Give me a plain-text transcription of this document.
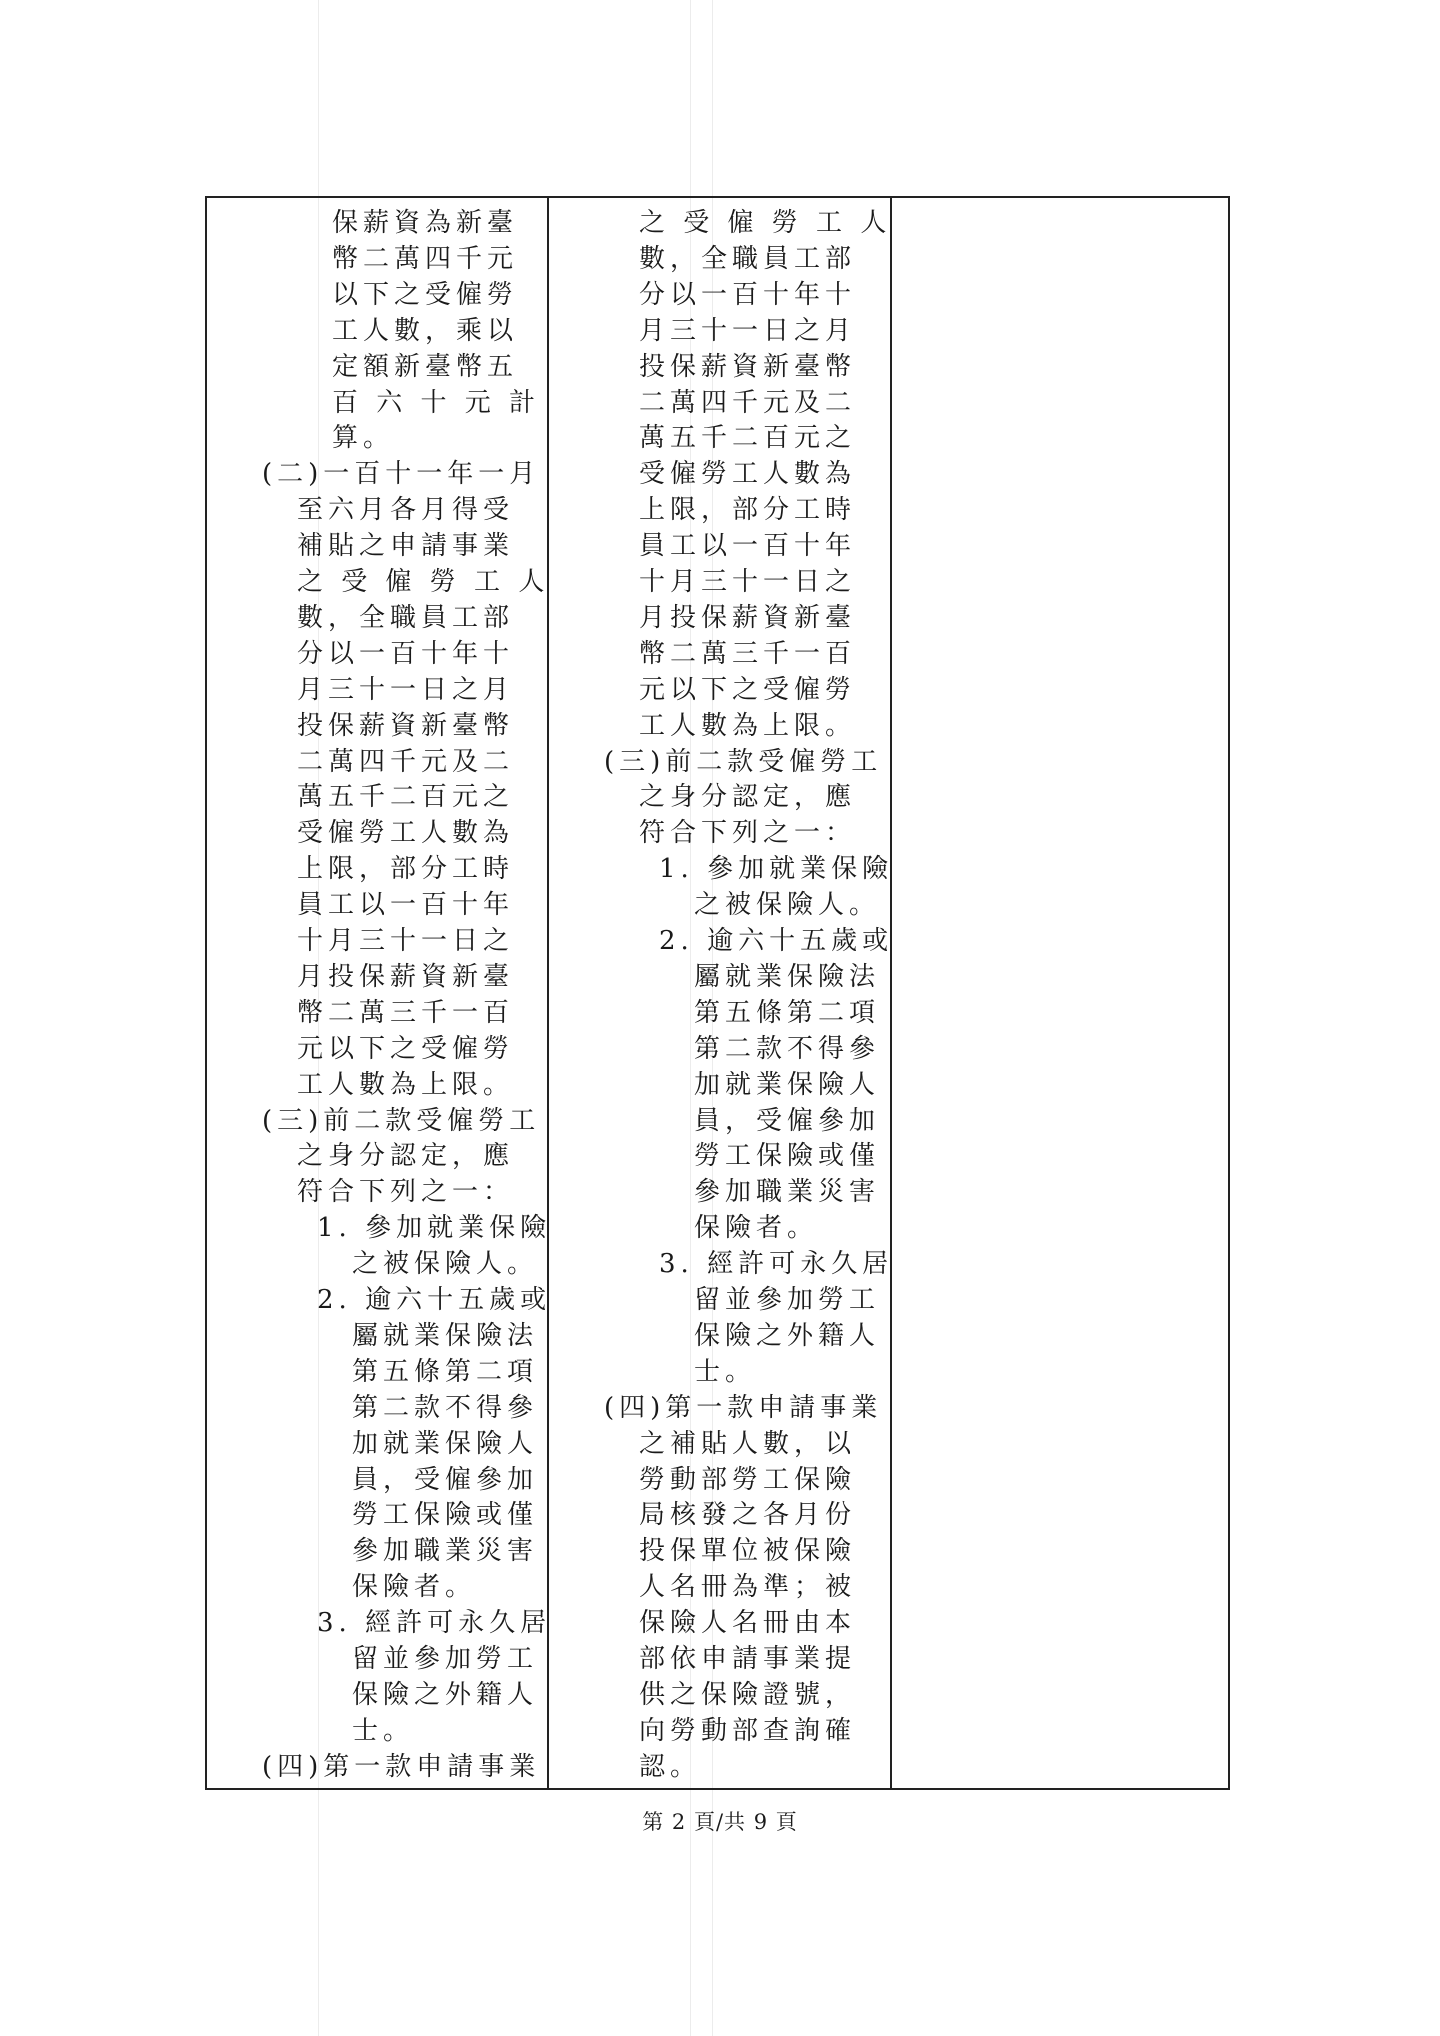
保薪資為新臺
幣二萬四千元
以下之受僱勞
工人數，乘以
定額新臺幣五
百 六 十 元 計
算。
(二)一百十一年一月
至六月各月得受
補貼之申請事業
之 受 僱 勞 工 人
數，全職員工部
分以一百十年十
月三十一日之月
投保薪資新臺幣
二萬四千元及二
萬五千二百元之
受僱勞工人數為
上限，部分工時
員工以一百十年
十月三十一日之
月投保薪資新臺
幣二萬三千一百
元以下之受僱勞
工人數為上限。
(三)前二款受僱勞工
之身分認定，應
符合下列之一：
1. 參加就業保險
之被保險人。
2. 逾六十五歲或
屬就業保險法
第五條第二項
第二款不得參
加就業保險人
員，受僱參加
勞工保險或僅
參加職業災害
保險者。
3. 經許可永久居
留並參加勞工
保險之外籍人
士。
(四)第一款申請事業
之 受 僱 勞 工 人
數，全職員工部
分以一百十年十
月三十一日之月
投保薪資新臺幣
二萬四千元及二
萬五千二百元之
受僱勞工人數為
上限，部分工時
員工以一百十年
十月三十一日之
月投保薪資新臺
幣二萬三千一百
元以下之受僱勞
工人數為上限。
(三)前二款受僱勞工
之身分認定，應
符合下列之一：
1. 參加就業保險
之被保險人。
2. 逾六十五歲或
屬就業保險法
第五條第二項
第二款不得參
加就業保險人
員，受僱參加
勞工保險或僅
參加職業災害
保險者。
3. 經許可永久居
留並參加勞工
保險之外籍人
士。
(四)第一款申請事業
之補貼人數，以
勞動部勞工保險
局核發之各月份
投保單位被保險
人名冊為準；被
保險人名冊由本
部依申請事業提
供之保險證號，
向勞動部查詢確
認。
第 2 頁/共 9 頁
